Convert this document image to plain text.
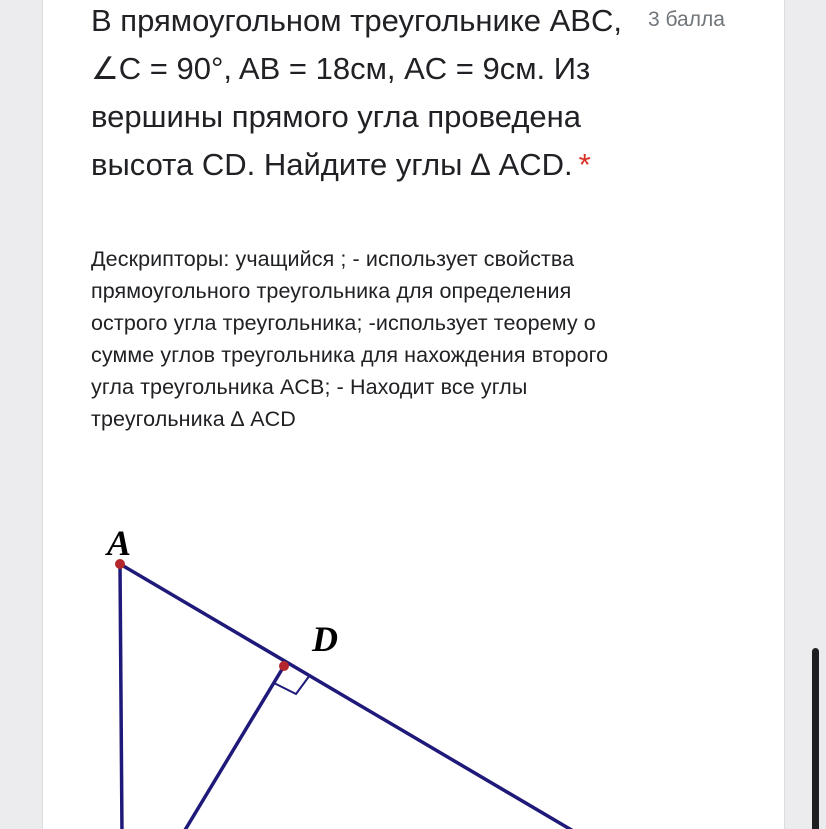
В прямоугольном треугольнике ABC, ∠C = 90°, AB = 18см, AC = 9см. Из вершины прямого угла проведена высота CD. Найдите углы ∆ ACD. *
3 балла

Дескрипторы: учащийся ; - использует свойства прямоугольного треугольника для определения острого угла треугольника; -использует теорему о сумме углов треугольника для нахождения второго угла треугольника ACB; - Находит все углы треугольника ∆ ACD

A
D
